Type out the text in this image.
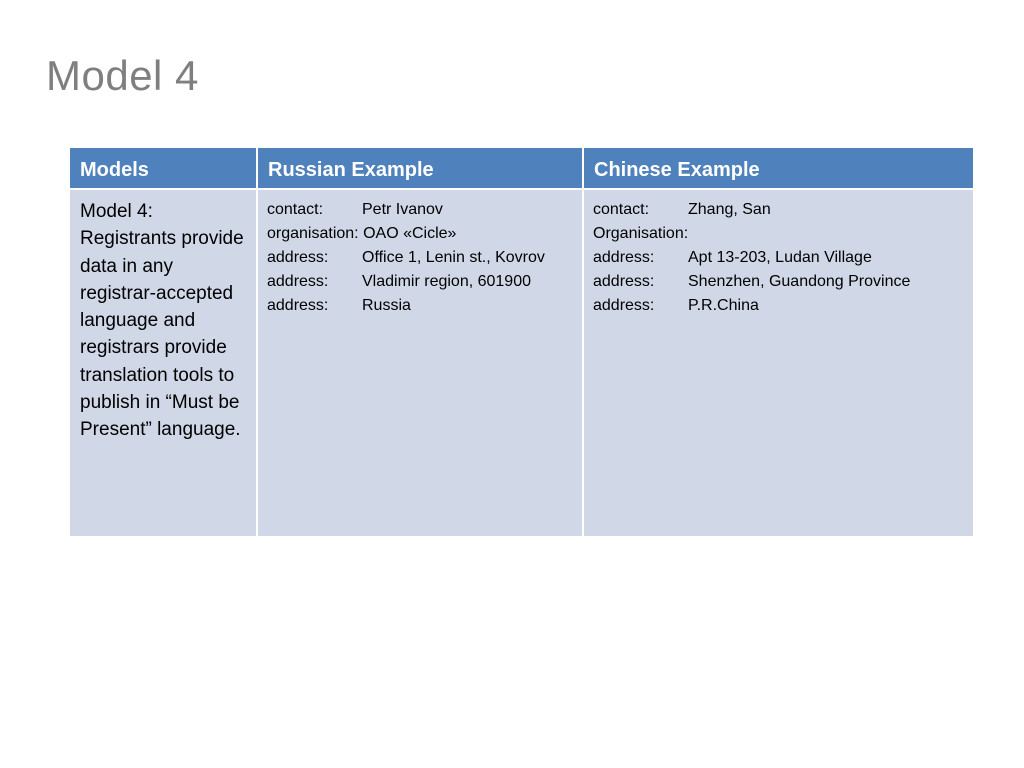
Model 4
Models	Russian Example	Chinese Example
Model 4: Registrants provide data in any registrar-accepted language and registrars provide translation tools to publish in “Must be Present” language.	contact: Petr Ivanov
organisation: OAO «Cicle»
address: Office 1, Lenin st., Kovrov
address: Vladimir region, 601900
address: Russia	contact: Zhang, San
Organisation:
address: Apt 13-203, Ludan Village
address: Shenzhen, Guandong Province
address: P.R.China
